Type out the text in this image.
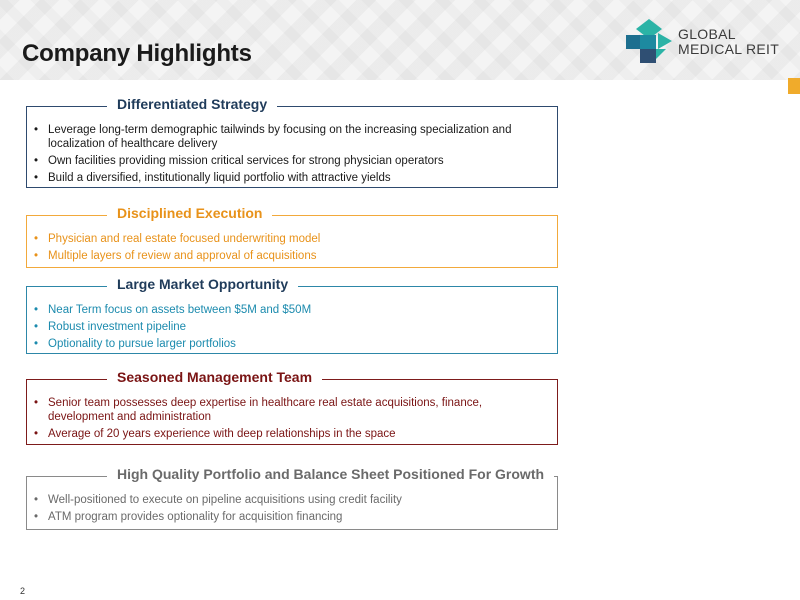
Company Highlights
GLOBAL
MEDICAL REIT
Differentiated Strategy
• Leverage long-term demographic tailwinds by focusing on the increasing specialization and localization of healthcare delivery
• Own facilities providing mission critical services for strong physician operators
• Build a diversified, institutionally liquid portfolio with attractive yields
Disciplined Execution
• Physician and real estate focused underwriting model
• Multiple layers of review and approval of acquisitions
Large Market Opportunity
• Near Term focus on assets between $5M and $50M
• Robust investment pipeline
• Optionality to pursue larger portfolios
Seasoned Management Team
• Senior team possesses deep expertise in healthcare real estate acquisitions, finance, development and administration
• Average of 20 years experience with deep relationships in the space
High Quality Portfolio and Balance Sheet Positioned For Growth
• Well-positioned to execute on pipeline acquisitions using credit facility
• ATM program provides optionality for acquisition financing
2
